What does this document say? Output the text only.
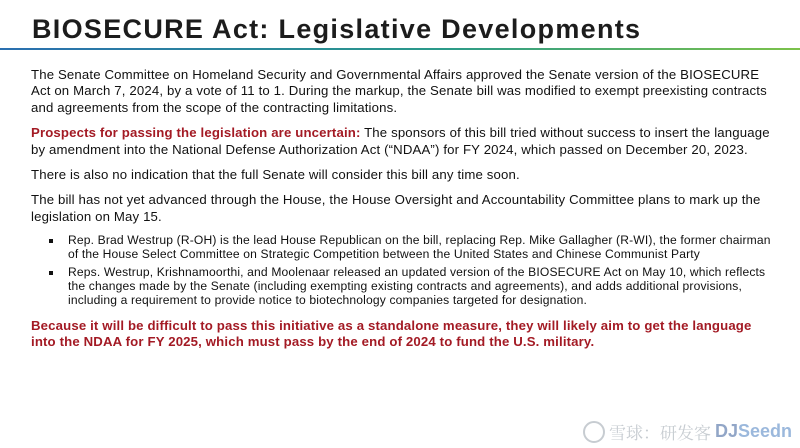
BIOSECURE Act: Legislative Developments

The Senate Committee on Homeland Security and Governmental Affairs approved the Senate version of the BIOSECURE Act on March 7, 2024, by a vote of 11 to 1. During the markup, the Senate bill was modified to exempt preexisting contracts and agreements from the scope of the contracting limitations.

Prospects for passing the legislation are uncertain: The sponsors of this bill tried without success to insert the language by amendment into the National Defense Authorization Act (“NDAA”) for FY 2024, which passed on December 20, 2023.

There is also no indication that the full Senate will consider this bill any time soon.

The bill has not yet advanced through the House, the House Oversight and Accountability Committee plans to mark up the legislation on May 15.

Rep. Brad Westrup (R-OH) is the lead House Republican on the bill, replacing Rep. Mike Gallagher (R-WI), the former chairman of the House Select Committee on Strategic Competition between the United States and Chinese Communist Party
Reps. Westrup, Krishnamoorthi, and Moolenaar released an updated version of the BIOSECURE Act on May 10, which reflects the changes made by the Senate (including exempting existing contracts and agreements), and adds additional provisions, including a requirement to provide notice to biotechnology companies targeted for designation.

Because it will be difficult to pass this initiative as a standalone measure, they will likely aim to get the language into the NDAA for FY 2025, which must pass by the end of 2024 to fund the U.S. military.

雪球：研发客 DJSeedn
